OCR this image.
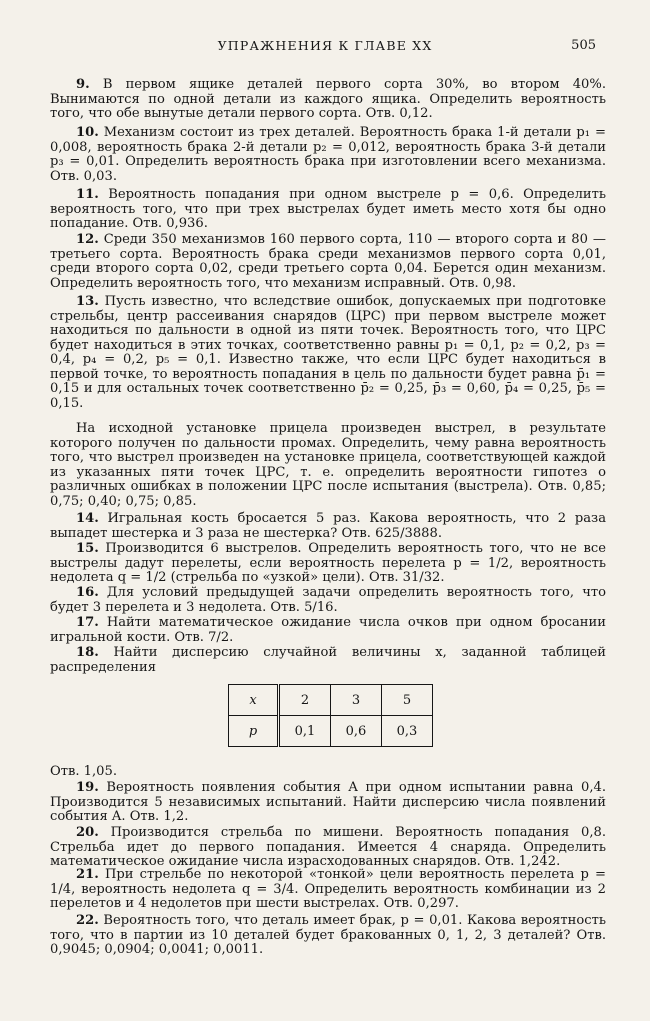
УПРАЖНЕНИЯ К ГЛАВЕ XX	505

9. В первом ящике деталей первого сорта 30%, во втором 40%. Вынимаются по одной детали из каждого ящика. Определить вероятность того, что обе вынутые детали первого сорта. Отв. 0,12.

10. Механизм состоит из трех деталей. Вероятность брака 1-й детали p₁ = 0,008, вероятность брака 2-й детали p₂ = 0,012, вероятность брака 3-й детали p₃ = 0,01. Определить вероятность брака при изготовлении всего механизма. Отв. 0,03.

11. Вероятность попадания при одном выстреле p = 0,6. Определить вероятность того, что при трех выстрелах будет иметь место хотя бы одно попадание. Отв. 0,936.

12. Среди 350 механизмов 160 первого сорта, 110 — второго сорта и 80 — третьего сорта. Вероятность брака среди механизмов первого сорта 0,01, среди второго сорта 0,02, среди третьего сорта 0,04. Берется один механизм. Определить вероятность того, что механизм исправный. Отв. 0,98.

13. Пусть известно, что вследствие ошибок, допускаемых при подготовке стрельбы, центр рассеивания снарядов (ЦРС) при первом выстреле может находиться по дальности в одной из пяти точек. Вероятность того, что ЦРС будет находиться в этих точках, соответственно равны p₁ = 0,1, p₂ = 0,2, p₃ = 0,4, p₄ = 0,2, p₅ = 0,1. Известно также, что если ЦРС будет находиться в первой точке, то вероятность попадания в цель по дальности будет равна p̄₁ = 0,15 и для остальных точек соответственно p̄₂ = 0,25, p̄₃ = 0,60, p̄₄ = 0,25, p̄₅ = 0,15.

На исходной установке прицела произведен выстрел, в результате которого получен по дальности промах. Определить, чему равна вероятность того, что выстрел произведен на установке прицела, соответствующей каждой из указанных пяти точек ЦРС, т. е. определить вероятности гипотез о различных ошибках в положении ЦРС после испытания (выстрела). Отв. 0,85; 0,75; 0,40; 0,75; 0,85.

14. Игральная кость бросается 5 раз. Какова вероятность, что 2 раза выпадет шестерка и 3 раза не шестерка? Отв. 625/3888.

15. Производится 6 выстрелов. Определить вероятность того, что не все выстрелы дадут перелеты, если вероятность перелета p = 1/2, вероятность недолета q = 1/2 (стрельба по «узкой» цели). Отв. 31/32.

16. Для условий предыдущей задачи определить вероятность того, что будет 3 перелета и 3 недолета. Отв. 5/16.

17. Найти математическое ожидание числа очков при одном бросании игральной кости. Отв. 7/2.

18. Найти дисперсию случайной величины x, заданной таблицей распределения

x	2	3	5
p	0,1	0,6	0,3
Отв. 1,05.

19. Вероятность появления события A при одном испытании равна 0,4. Производится 5 независимых испытаний. Найти дисперсию числа появлений события A. Отв. 1,2.

20. Производится стрельба по мишени. Вероятность попадания 0,8. Стрельба идет до первого попадания. Имеется 4 снаряда. Определить математическое ожидание числа израсходованных снарядов. Отв. 1,242.

21. При стрельбе по некоторой «тонкой» цели вероятность перелета p = 1/4, вероятность недолета q = 3/4. Определить вероятность комбинации из 2 перелетов и 4 недолетов при шести выстрелах. Отв. 0,297.

22. Вероятность того, что деталь имеет брак, p = 0,01. Какова вероятность того, что в партии из 10 деталей будет бракованных 0, 1, 2, 3 деталей? Отв. 0,9045; 0,0904; 0,0041; 0,0011.
